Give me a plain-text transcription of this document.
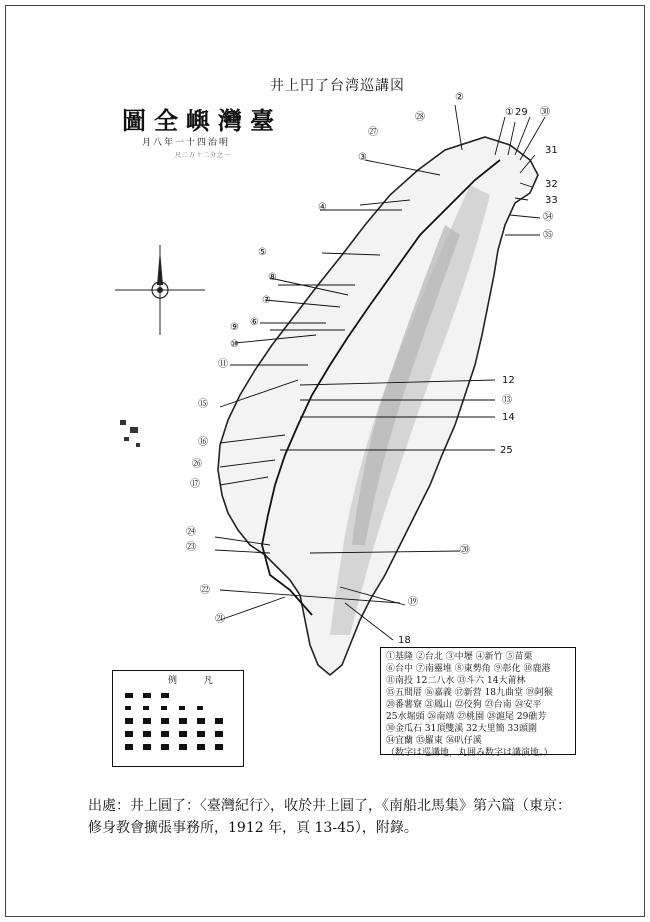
①
②
③
④
⑤
⑥
⑦
⑧
⑨
⑩
⑪
12
⑬
14
⑮
⑯
⑰
18
⑲
⑳
㉑
㉒
㉓
㉔
25
㉖
㉗
㉘	29 ㉚
31
32
33
㉞
㉟
井上円了台湾巡講図
圖全嶼灣臺
月八年一十四治明
尺二万十二分之一
例 凡
①基隆 ②台北 ③中壢 ④新竹 ⑤苗栗
⑥台中 ⑦南靈堆 ⑧東勢角 ⑨彰化 ⑩鹿港
⑪南投 12二八水 ⑬斗六 14大莆林
⑮五間厝 ⑯嘉義 ⑰新营 18九曲堂 ⑲阿猴
⑳番薯寮 ㉑鳳山 ㉒佼狗 ㉓台南 ㉔安平
25水堀頭 ㉖南靖 ㉗桃園 ㉘滬尾 29礁芳
㉚金瓜石 31頂雙溪 32大里簡 33頭圍
㉞宜蘭 ㉟羅東 ㊱叭仔溪
（数字は巡講地，丸囲み数字は講演地。）
出處：井上圓了：〈臺灣紀行〉，收於井上圓了，《南船北馬集》第六篇（東京：
修身教會擴張事務所，1912 年，頁 13-45），附錄。
